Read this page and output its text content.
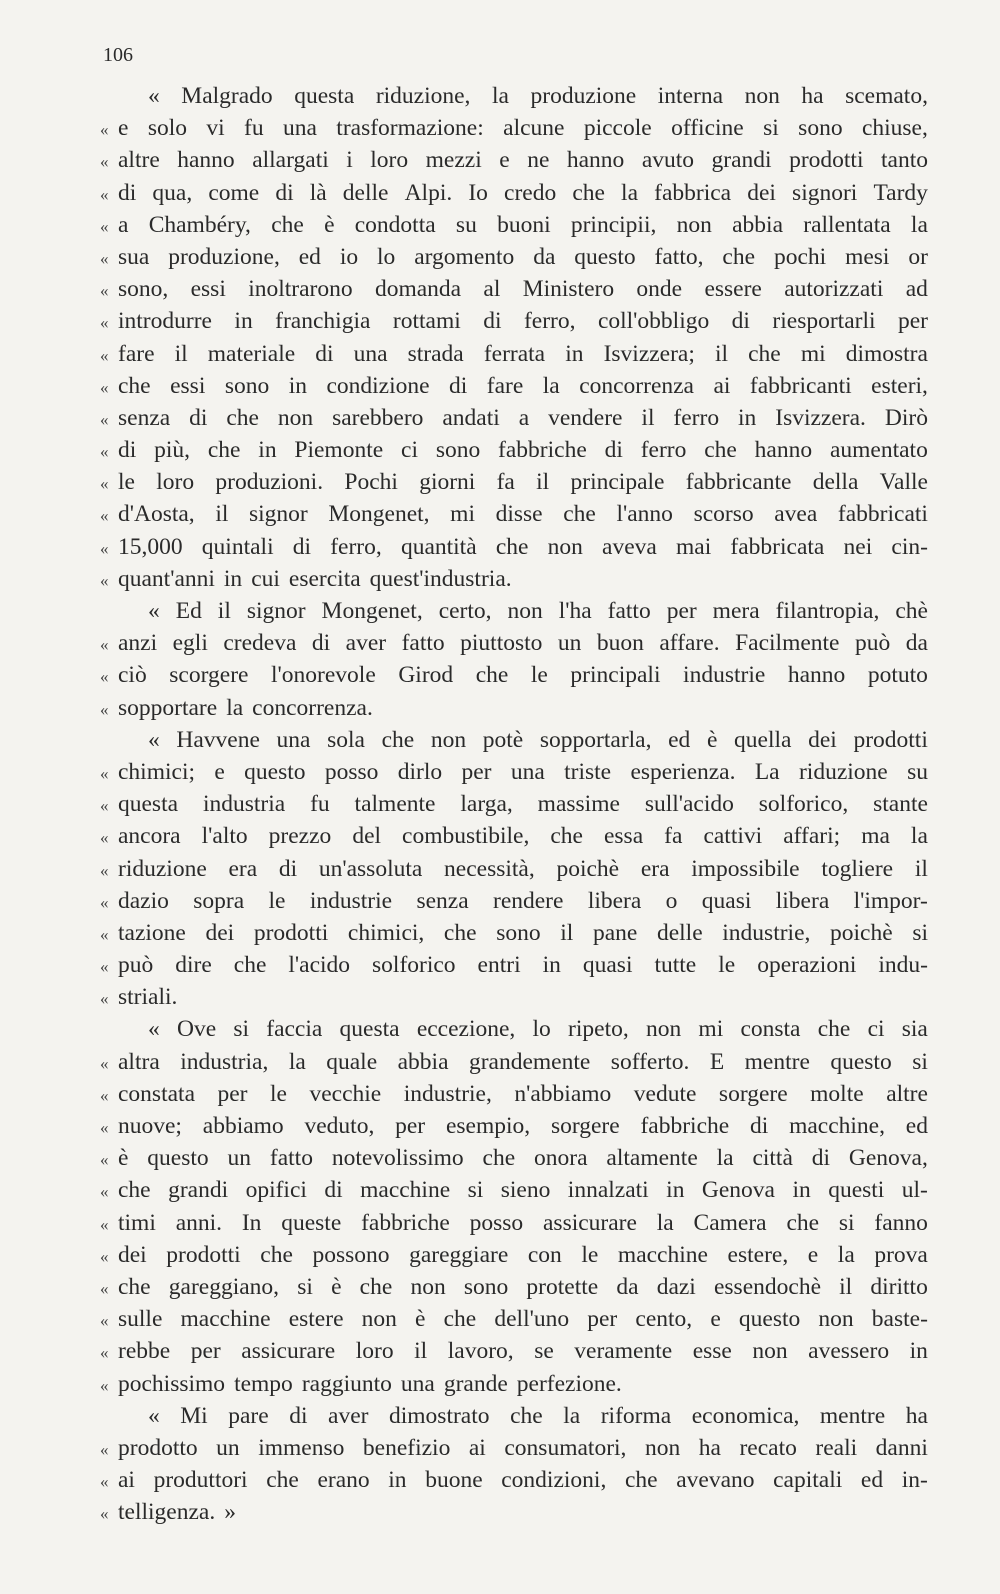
106
« Malgrado questa riduzione, la produzione interna non ha scemato,
« e solo vi fu una trasformazione: alcune piccole officine si sono chiuse,
« altre hanno allargati i loro mezzi e ne hanno avuto grandi prodotti tanto
« di qua, come di là delle Alpi. Io credo che la fabbrica dei signori Tardy
« a Chambéry, che è condotta su buoni principii, non abbia rallentata la
« sua produzione, ed io lo argomento da questo fatto, che pochi mesi or
« sono, essi inoltrarono domanda al Ministero onde essere autorizzati ad
« introdurre in franchigia rottami di ferro, coll'obbligo di riesportarli per
« fare il materiale di una strada ferrata in Isvizzera; il che mi dimostra
« che essi sono in condizione di fare la concorrenza ai fabbricanti esteri,
« senza di che non sarebbero andati a vendere il ferro in Isvizzera. Dirò
« di più, che in Piemonte ci sono fabbriche di ferro che hanno aumentato
« le loro produzioni. Pochi giorni fa il principale fabbricante della Valle
« d'Aosta, il signor Mongenet, mi disse che l'anno scorso avea fabbricati
« 15,000 quintali di ferro, quantità che non aveva mai fabbricata nei cin-
« quant'anni in cui esercita quest'industria.
« Ed il signor Mongenet, certo, non l'ha fatto per mera filantropia, chè
« anzi egli credeva di aver fatto piuttosto un buon affare. Facilmente può da
« ciò scorgere l'onorevole Girod che le principali industrie hanno potuto
« sopportare la concorrenza.
« Havvene una sola che non potè sopportarla, ed è quella dei prodotti
« chimici; e questo posso dirlo per una triste esperienza. La riduzione su
« questa industria fu talmente larga, massime sull'acido solforico, stante
« ancora l'alto prezzo del combustibile, che essa fa cattivi affari; ma la
« riduzione era di un'assoluta necessità, poichè era impossibile togliere il
« dazio sopra le industrie senza rendere libera o quasi libera l'impor-
« tazione dei prodotti chimici, che sono il pane delle industrie, poichè si
« può dire che l'acido solforico entri in quasi tutte le operazioni indu-
« striali.
« Ove si faccia questa eccezione, lo ripeto, non mi consta che ci sia
« altra industria, la quale abbia grandemente sofferto. E mentre questo si
« constata per le vecchie industrie, n'abbiamo vedute sorgere molte altre
« nuove; abbiamo veduto, per esempio, sorgere fabbriche di macchine, ed
« è questo un fatto notevolissimo che onora altamente la città di Genova,
« che grandi opifici di macchine si sieno innalzati in Genova in questi ul-
« timi anni. In queste fabbriche posso assicurare la Camera che si fanno
« dei prodotti che possono gareggiare con le macchine estere, e la prova
« che gareggiano, si è che non sono protette da dazi essendochè il diritto
« sulle macchine estere non è che dell'uno per cento, e questo non baste-
« rebbe per assicurare loro il lavoro, se veramente esse non avessero in
« pochissimo tempo raggiunto una grande perfezione.
« Mi pare di aver dimostrato che la riforma economica, mentre ha
« prodotto un immenso benefizio ai consumatori, non ha recato reali danni
« ai produttori che erano in buone condizioni, che avevano capitali ed in-
« telligenza. »
